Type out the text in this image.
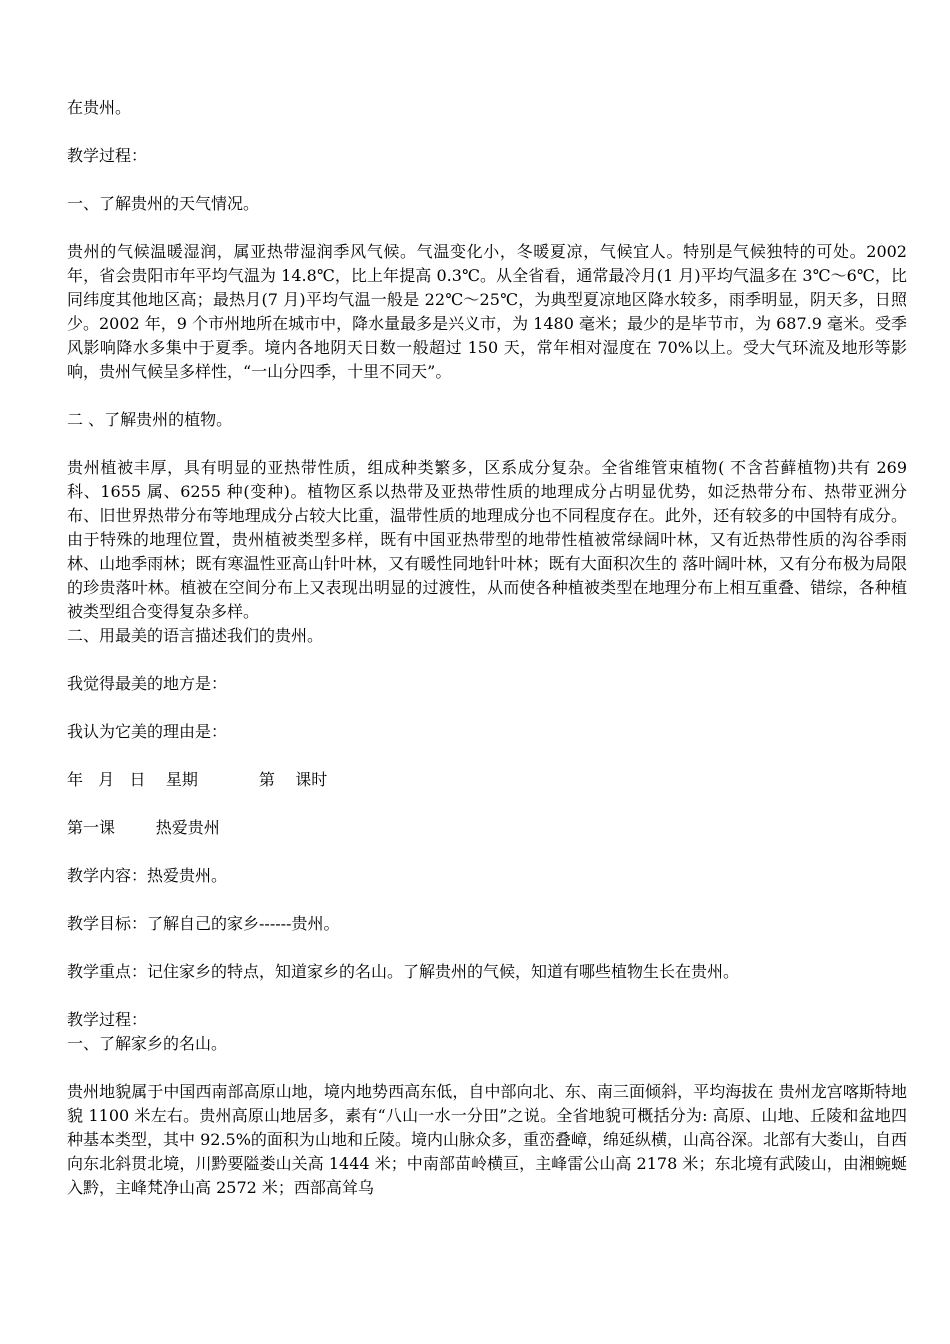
在贵州。
教学过程：
一、了解贵州的天气情况。
贵州的气候温暖湿润，属亚热带湿润季风气候。气温变化小，冬暖夏凉，气候宜人。特别是气候独特的可处。2002 年，省会贵阳市年平均气温为 14.8℃，比上年提高 0.3℃。从全省看，通常最冷月(1 月)平均气温多在 3℃～6℃，比同纬度其他地区高；最热月(7 月)平均气温一般是 22℃～25℃，为典型夏凉地区降水较多，雨季明显，阴天多，日照少。2002 年，9 个市州地所在城市中，降水量最多是兴义市，为 1480 毫米；最少的是毕节市，为 687.9 毫米。受季风影响降水多集中于夏季。境内各地阴天日数一般超过 150 天，常年相对湿度在 70%以上。受大气环流及地形等影响，贵州气候呈多样性，“一山分四季，十里不同天”。
二 、了解贵州的植物。
贵州植被丰厚，具有明显的亚热带性质，组成种类繁多，区系成分复杂。全省维管束植物( 不含苔藓植物)共有 269 科、1655 属、6255 种(变种)。植物区系以热带及亚热带性质的地理成分占明显优势，如泛热带分布、热带亚洲分布、旧世界热带分布等地理成分占较大比重，温带性质的地理成分也不同程度存在。此外，还有较多的中国特有成分。由于特殊的地理位置，贵州植被类型多样，既有中国亚热带型的地带性植被常绿阔叶林，又有近热带性质的沟谷季雨林、山地季雨林；既有寒温性亚高山针叶林，又有暖性同地针叶林；既有大面积次生的 落叶阔叶林，又有分布极为局限的珍贵落叶林。植被在空间分布上又表现出明显的过渡性，从而使各种植被类型在地理分布上相互重叠、错综，各种植被类型组合变得复杂多样。
二、用最美的语言描述我们的贵州。
我觉得最美的地方是：
我认为它美的理由是：
年   月   日    星期            第    课时
第一课        热爱贵州
教学内容：热爱贵州。
教学目标：了解自己的家乡------贵州。
教学重点：记住家乡的特点，知道家乡的名山。了解贵州的气候，知道有哪些植物生长在贵州。
教学过程：
一、了解家乡的名山。
贵州地貌属于中国西南部高原山地，境内地势西高东低，自中部向北、东、南三面倾斜，平均海拔在 贵州龙宫喀斯特地貌 1100 米左右。贵州高原山地居多，素有“八山一水一分田”之说。全省地貌可概括分为: 高原、山地、丘陵和盆地四种基本类型，其中 92.5%的面积为山地和丘陵。境内山脉众多，重峦叠嶂，绵延纵横，山高谷深。北部有大娄山，自西向东北斜贯北境，川黔要隘娄山关高 1444 米；中南部苗岭横亘，主峰雷公山高 2178 米；东北境有武陵山，由湘蜿蜒入黔，主峰梵净山高 2572 米；西部高耸乌
